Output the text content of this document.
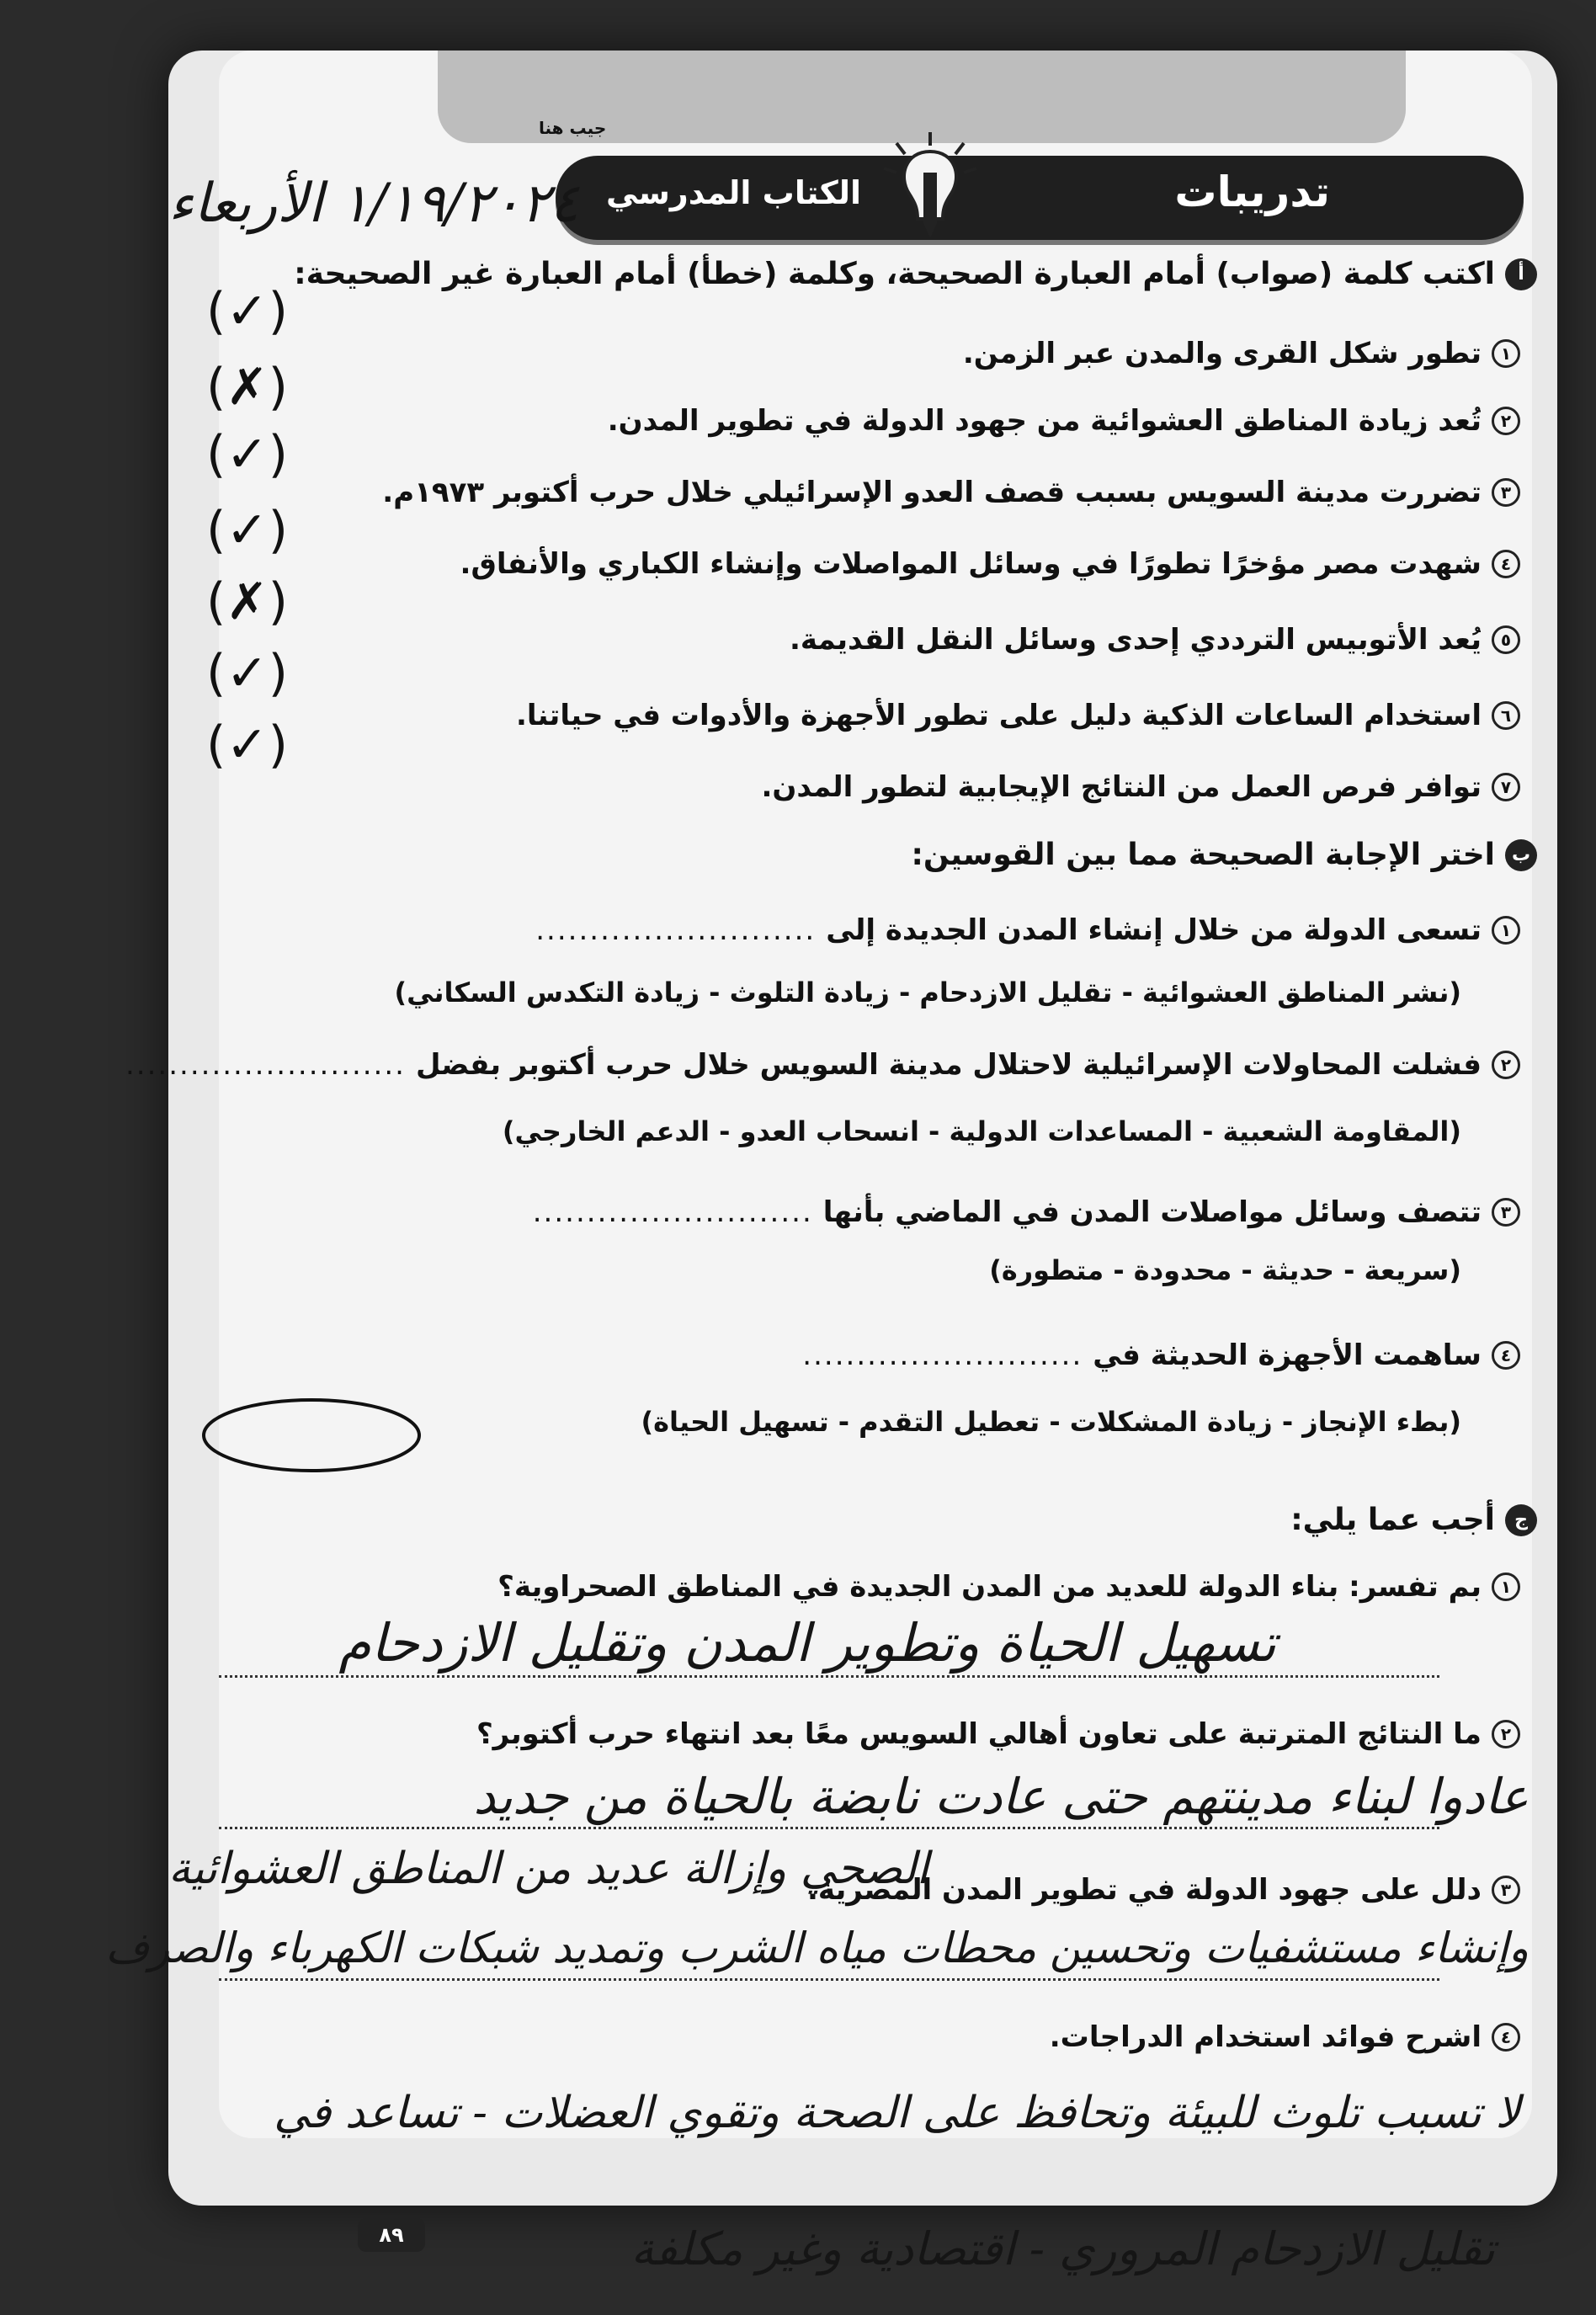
جيب هنا
تدريبات
الكتاب المدرسي
٨٩
١/١٩/٢٠٢٤ الأربعاء
أ
اكتب كلمة (صواب) أمام العبارة الصحيحة، وكلمة (خطأ) أمام العبارة غير الصحيحة:
١
تطور شكل القرى والمدن عبر الزمن.
(✓)
٢
تُعد زيادة المناطق العشوائية من جهود الدولة في تطوير المدن.
(✗)
٣
تضررت مدينة السويس بسبب قصف العدو الإسرائيلي خلال حرب أكتوبر ١٩٧٣م.
(✓)
٤
شهدت مصر مؤخرًا تطورًا في وسائل المواصلات وإنشاء الكباري والأنفاق.
(✓)
٥
يُعد الأتوبيس الترددي إحدى وسائل النقل القديمة.
(✗)
٦
استخدام الساعات الذكية دليل على تطور الأجهزة والأدوات في حياتنا.
(✓)
٧
توافر فرص العمل من النتائج الإيجابية لتطور المدن.
(✓)
ب
اختر الإجابة الصحيحة مما بين القوسين:
١
تسعى الدولة من خلال إنشاء المدن الجديدة إلى
..........................
(نشر المناطق العشوائية - تقليل الازدحام - زيادة التلوث - زيادة التكدس السكاني)
٢
فشلت المحاولات الإسرائيلية لاحتلال مدينة السويس خلال حرب أكتوبر بفضل
..........................
(المقاومة الشعبية - المساعدات الدولية - انسحاب العدو - الدعم الخارجي)
٣
تتصف وسائل مواصلات المدن في الماضي بأنها
..........................
(سريعة - حديثة - محدودة - متطورة)
٤
ساهمت الأجهزة الحديثة في
..........................
(بطء الإنجاز - زيادة المشكلات - تعطيل التقدم - تسهيل الحياة)
ج
أجب عما يلي:
١
بم تفسر: بناء الدولة للعديد من المدن الجديدة في المناطق الصحراوية؟
تسهيل الحياة وتطوير المدن وتقليل الازدحام
٢
ما النتائج المترتبة على تعاون أهالي السويس معًا بعد انتهاء حرب أكتوبر؟
عادوا لبناء مدينتهم حتى عادت نابضة بالحياة من جديد
٣
دلل على جهود الدولة في تطوير المدن المصرية.
الصحي وإزالة عديد من المناطق العشوائية
وإنشاء مستشفيات وتحسين محطات مياه الشرب وتمديد شبكات الكهرباء والصرف
٤
اشرح فوائد استخدام الدراجات.
لا تسبب تلوث للبيئة وتحافظ على الصحة وتقوي العضلات - تساعد في
تقليل الازدحام المروري - اقتصادية وغير مكلفة
